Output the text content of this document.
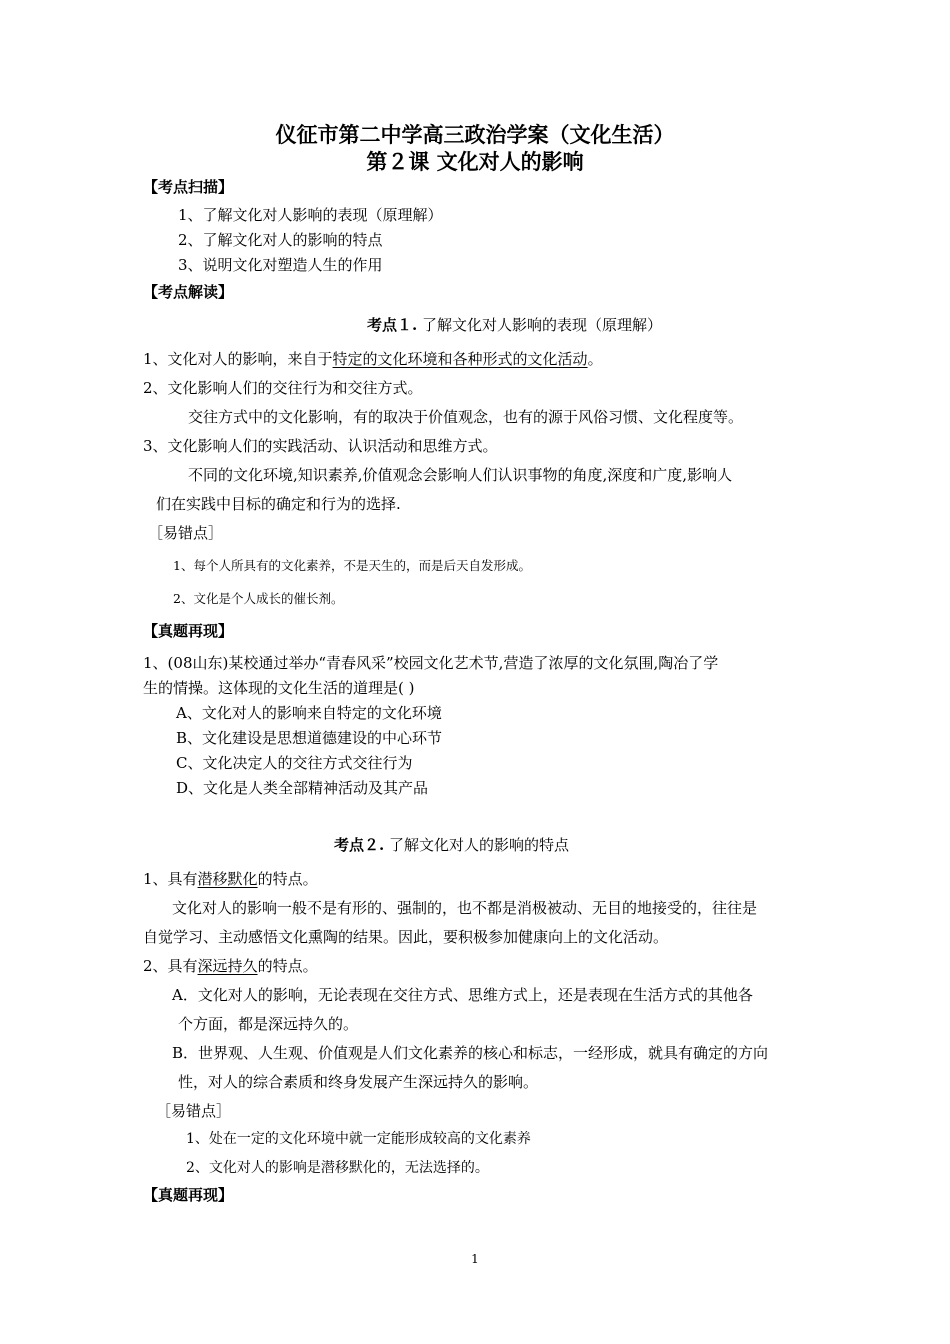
仪征市第二中学高三政治学案（文化生活）
第２课 文化对人的影响
【考点扫描】
1、了解文化对人影响的表现（原理解）
2、了解文化对人的影响的特点
3、说明文化对塑造人生的作用
【考点解读】
考点１. 了解文化对人影响的表现（原理解）
1、文化对人的影响，来自于特定的文化环境和各种形式的文化活动。
2、文化影响人们的交往行为和交往方式。
交往方式中的文化影响，有的取决于价值观念，也有的源于风俗习惯、文化程度等。
3、文化影响人们的实践活动、认识活动和思维方式。
不同的文化环境,知识素养,价值观念会影响人们认识事物的角度,深度和广度,影响人
们在实践中目标的确定和行为的选择.
［易错点］
1、每个人所具有的文化素养，不是天生的，而是后天自发形成。
2、文化是个人成长的催长剂。
【真题再现】
1、(08山东)某校通过举办“青春风采”校园文化艺术节,营造了浓厚的文化氛围,陶冶了学
生的情操。这体现的文化生活的道理是( )
A、文化对人的影响来自特定的文化环境
B、文化建设是思想道德建设的中心环节
C、文化决定人的交往方式交往行为
D、文化是人类全部精神活动及其产品
考点２. 了解文化对人的影响的特点
1、具有潜移默化的特点。
文化对人的影响一般不是有形的、强制的，也不都是消极被动、无目的地接受的，往往是
自觉学习、主动感悟文化熏陶的结果。因此，要积极参加健康向上的文化活动。
2、具有深远持久的特点。
A．文化对人的影响，无论表现在交往方式、思维方式上，还是表现在生活方式的其他各
个方面，都是深远持久的。
B．世界观、人生观、价值观是人们文化素养的核心和标志，一经形成，就具有确定的方向
性，对人的综合素质和终身发展产生深远持久的影响。
［易错点］
1、处在一定的文化环境中就一定能形成较高的文化素养
2、文化对人的影响是潜移默化的，无法选择的。
【真题再现】
1
